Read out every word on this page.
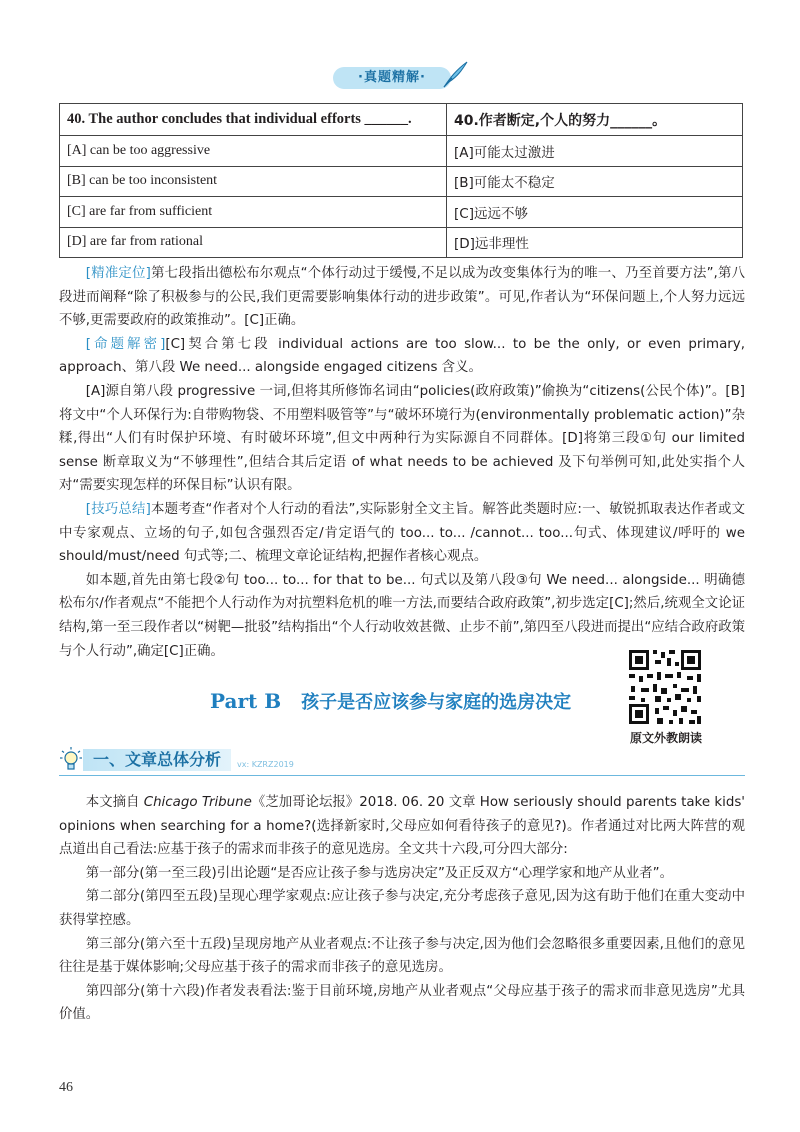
·真题精解·
40. The author concludes that individual efforts ______.	40.作者断定,个人的努力______。
[A] can be too aggressive	[A]可能太过激进
[B] can be too inconsistent	[B]可能太不稳定
[C] are far from sufficient	[C]远远不够
[D] are far from rational	[D]远非理性

[精准定位]第七段指出德松布尔观点“个体行动过于缓慢,不足以成为改变集体行为的唯一、乃至首要方法”,第八段进而阐释“除了积极参与的公民,我们更需要影响集体行动的进步政策”。可见,作者认为“环保问题上,个人努力远远不够,更需要政府的政策推动”。[C]正确。

[命题解密][C]契合第七段 individual actions are too slow... to be the only, or even primary, approach、第八段 We need... alongside engaged citizens 含义。

[A]源自第八段 progressive 一词,但将其所修饰名词由“policies(政府政策)”偷换为“citizens(公民个体)”。[B]将文中“个人环保行为:自带购物袋、不用塑料吸管等”与“破坏环境行为(environmentally problematic action)”杂糅,得出“人们有时保护环境、有时破坏环境”,但文中两种行为实际源自不同群体。[D]将第三段①句 our limited sense 断章取义为“不够理性”,但结合其后定语 of what needs to be achieved 及下句举例可知,此处实指个人对“需要实现怎样的环保目标”认识有限。

[技巧总结]本题考查“作者对个人行动的看法”,实际影射全文主旨。解答此类题时应:一、敏锐抓取表达作者或文中专家观点、立场的句子,如包含强烈否定/肯定语气的 too... to... /cannot... too...句式、体现建议/呼吁的 we should/must/need 句式等;二、梳理文章论证结构,把握作者核心观点。

如本题,首先由第七段②句 too... to... for that to be... 句式以及第八段③句 We need... alongside... 明确德松布尔/作者观点“不能把个人行动作为对抗塑料危机的唯一方法,而要结合政府政策”,初步选定[C];然后,统观全文论证结构,第一至三段作者以“树靶—批驳”结构指出“个人行动收效甚微、止步不前”,第四至八段进而提出“应结合政府政策与个人行动”,确定[C]正确。

Part B 孩子是否应该参与家庭的选房决定
原文外教朗读
一、文章总体分析	vx: KZRZ2019

本文摘自 Chicago Tribune《芝加哥论坛报》2018. 06. 20 文章 How seriously should parents take kids' opinions when searching for a home?(选择新家时,父母应如何看待孩子的意见?)。作者通过对比两大阵营的观点道出自己看法:应基于孩子的需求而非孩子的意见选房。全文共十六段,可分四大部分:

第一部分(第一至三段)引出论题“是否应让孩子参与选房决定”及正反双方“心理学家和地产从业者”。

第二部分(第四至五段)呈现心理学家观点:应让孩子参与决定,充分考虑孩子意见,因为这有助于他们在重大变动中获得掌控感。

第三部分(第六至十五段)呈现房地产从业者观点:不让孩子参与决定,因为他们会忽略很多重要因素,且他们的意见往往是基于媒体影响;父母应基于孩子的需求而非孩子的意见选房。

第四部分(第十六段)作者发表看法:鉴于目前环境,房地产从业者观点“父母应基于孩子的需求而非意见选房”尤具价值。

46
